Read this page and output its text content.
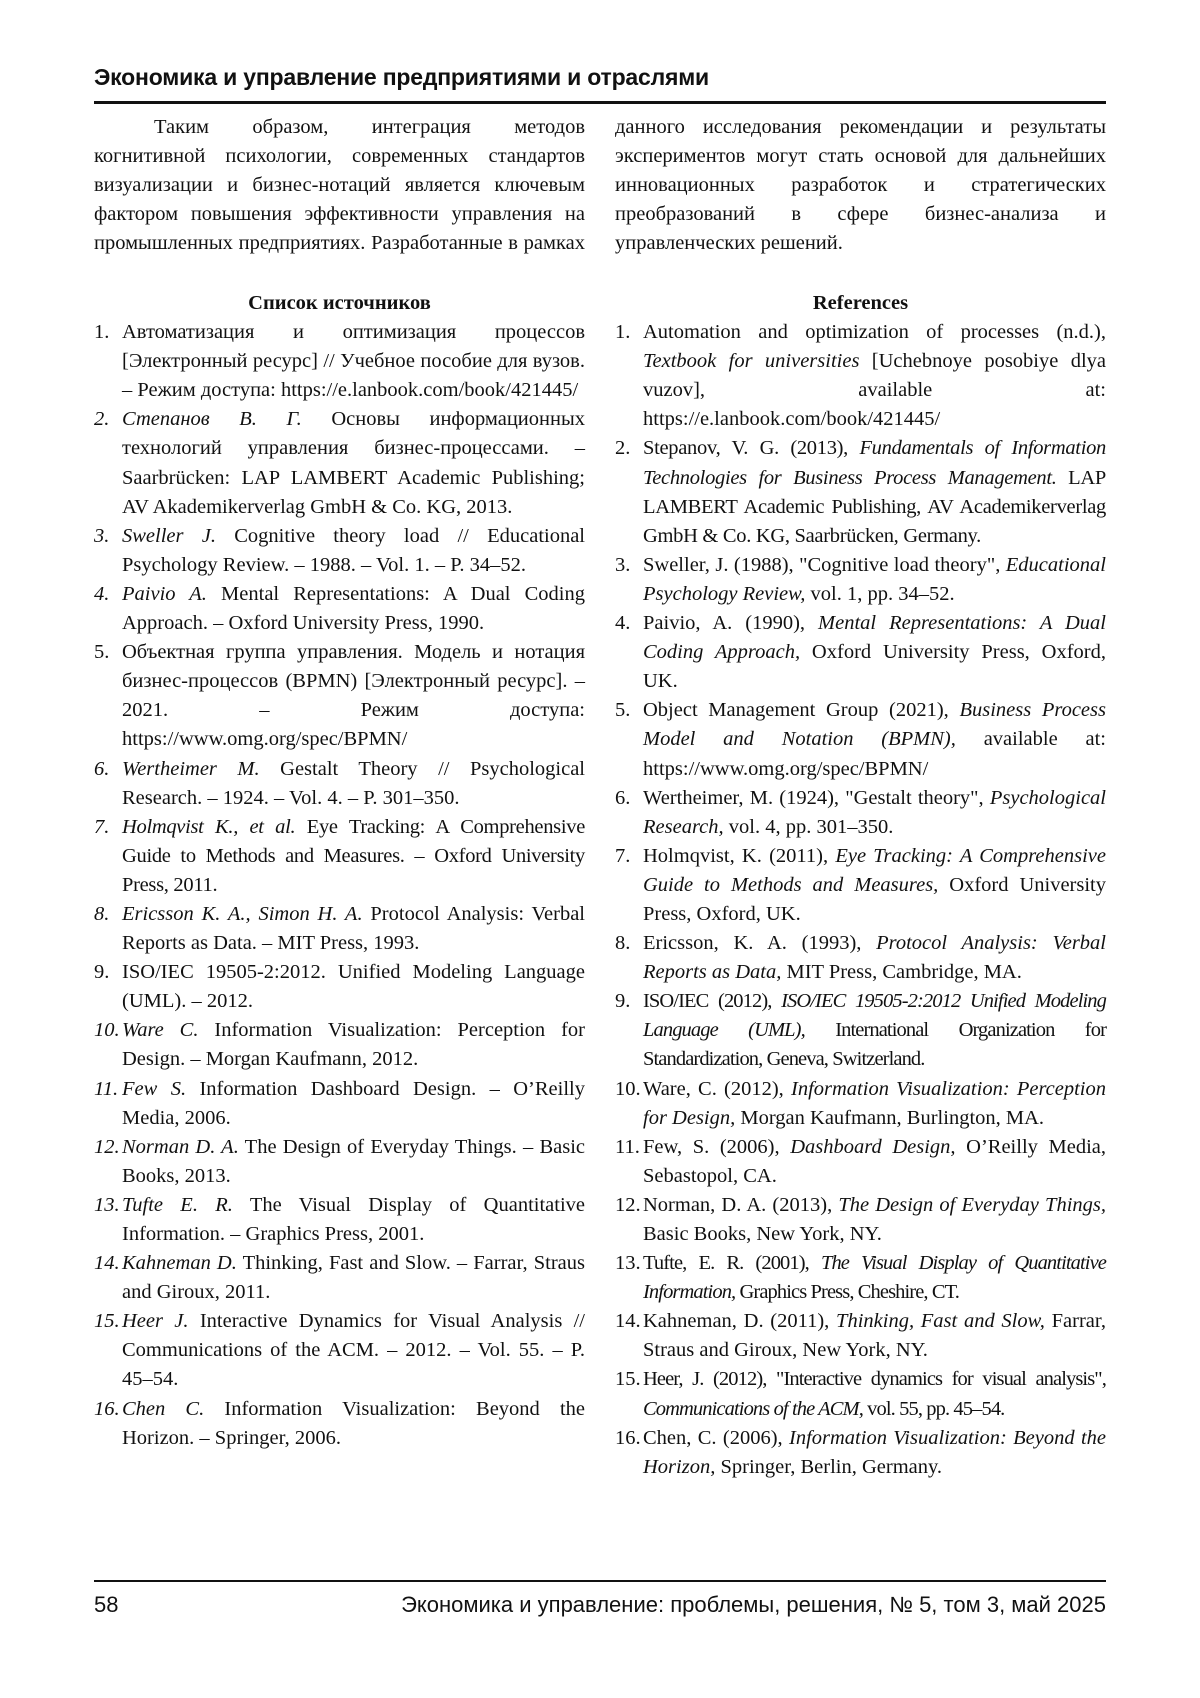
Экономика и управление предприятиями и отраслями

Таким образом, интеграция методов когнитивной психологии, современных стандартов визуализации и бизнес-нотаций является ключевым фактором повышения эффективности управления на промышленных предприятиях. Разработанные в рамках данного исследования рекомендации и результаты экспериментов могут стать основой для дальнейших инновационных разработок и стратегических преобразований в сфере бизнес-анализа и управленческих решений.

Список источников
1. Автоматизация и оптимизация процессов [Электронный ресурс] // Учебное пособие для вузов. – Режим доступа: https://e.lanbook.com/book/421445/
2. Степанов В. Г. Основы информационных технологий управления бизнес-процессами. – Saarbrücken: LAP LAMBERT Academic Publishing; AV Akademikerverlag GmbH & Co. KG, 2013.
3. Sweller J. Cognitive theory load // Educational Psychology Review. – 1988. – Vol. 1. – P. 34–52.
4. Paivio A. Mental Representations: A Dual Coding Approach. – Oxford University Press, 1990.
5. Объектная группа управления. Модель и нотация бизнес-процессов (BPMN) [Электронный ресурс]. – 2021. – Режим доступа: https://www.omg.org/spec/BPMN/
6. Wertheimer M. Gestalt Theory // Psychological Research. – 1924. – Vol. 4. – P. 301–350.
7. Holmqvist K., et al. Eye Tracking: A Comprehensive Guide to Methods and Measures. – Oxford University Press, 2011.
8. Ericsson K. A., Simon H. A. Protocol Analysis: Verbal Reports as Data. – MIT Press, 1993.
9. ISO/IEC 19505-2:2012. Unified Modeling Language (UML). – 2012.
10. Ware C. Information Visualization: Perception for Design. – Morgan Kaufmann, 2012.
11. Few S. Information Dashboard Design. – O’Reilly Media, 2006.
12. Norman D. A. The Design of Everyday Things. – Basic Books, 2013.
13. Tufte E. R. The Visual Display of Quantitative Information. – Graphics Press, 2001.
14. Kahneman D. Thinking, Fast and Slow. – Farrar, Straus and Giroux, 2011.
15. Heer J. Interactive Dynamics for Visual Analysis // Communications of the ACM. – 2012. – Vol. 55. – P. 45–54.
16. Chen C. Information Visualization: Beyond the Horizon. – Springer, 2006.
References
1. Automation and optimization of processes (n.d.), Textbook for universities [Uchebnoye posobiye dlya vuzov], available at: https://e.lanbook.com/book/421445/
2. Stepanov, V. G. (2013), Fundamentals of Information Technologies for Business Process Management. LAP LAMBERT Academic Publishing, AV Academikerverlag GmbH & Co. KG, Saarbrücken, Germany.
3. Sweller, J. (1988), "Cognitive load theory", Educational Psychology Review, vol. 1, pp. 34–52.
4. Paivio, A. (1990), Mental Representations: A Dual Coding Approach, Oxford University Press, Oxford, UK.
5. Object Management Group (2021), Business Process Model and Notation (BPMN), available at: https://www.omg.org/spec/BPMN/
6. Wertheimer, M. (1924), "Gestalt theory", Psychological Research, vol. 4, pp. 301–350.
7. Holmqvist, K. (2011), Eye Tracking: A Comprehensive Guide to Methods and Measures, Oxford University Press, Oxford, UK.
8. Ericsson, K. A. (1993), Protocol Analysis: Verbal Reports as Data, MIT Press, Cambridge, MA.
9. ISO/IEC (2012), ISO/IEC 19505-2:2012 Unified Modeling Language (UML), International Organization for Standardization, Geneva, Switzerland.
10. Ware, C. (2012), Information Visualization: Perception for Design, Morgan Kaufmann, Burlington, MA.
11. Few, S. (2006), Dashboard Design, O’Reilly Media, Sebastopol, CA.
12. Norman, D. A. (2013), The Design of Everyday Things, Basic Books, New York, NY.
13. Tufte, E. R. (2001), The Visual Display of Quantitative Information, Graphics Press, Cheshire, CT.
14. Kahneman, D. (2011), Thinking, Fast and Slow, Farrar, Straus and Giroux, New York, NY.
15. Heer, J. (2012), "Interactive dynamics for visual analysis", Communications of the ACM, vol. 55, pp. 45–54.
16. Chen, C. (2006), Information Visualization: Beyond the Horizon, Springer, Berlin, Germany.
58	Экономика и управление: проблемы, решения, № 5, том 3, май 2025
